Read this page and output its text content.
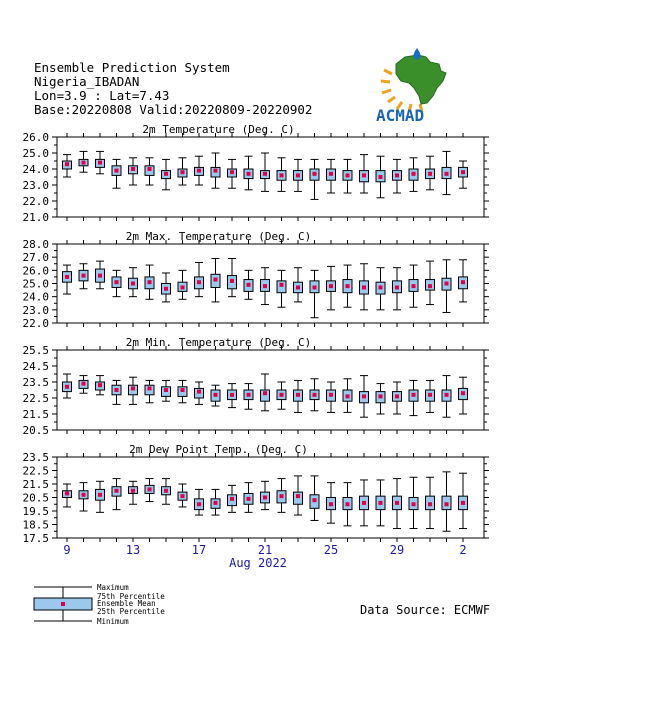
Ensemble Prediction System
Nigeria_IBADAN
Lon=3.9 : Lat=7.43
Base:20220808 Valid:20220809-20220902	ACMAD
2m Temperature (Deg. C)
26.0
25.0
24.0
23.0
22.0
21.0
2m Max. Temperature (Deg. C)
28.0
27.0
26.0
25.0
24.0
23.0
22.0
2m Min. Temperature (Deg. C)
25.5
24.5
23.5
22.5
21.5
20.5
2m Dew Point Temp. (Deg. C)
23.5
22.5
21.5
20.5
19.5
18.5
17.5
9	13	17	21	25	29	2
Aug 2022
Maximum
75th Percentile
Ensemble Mean
25th Percentile
Minimum
Data Source: ECMWF
